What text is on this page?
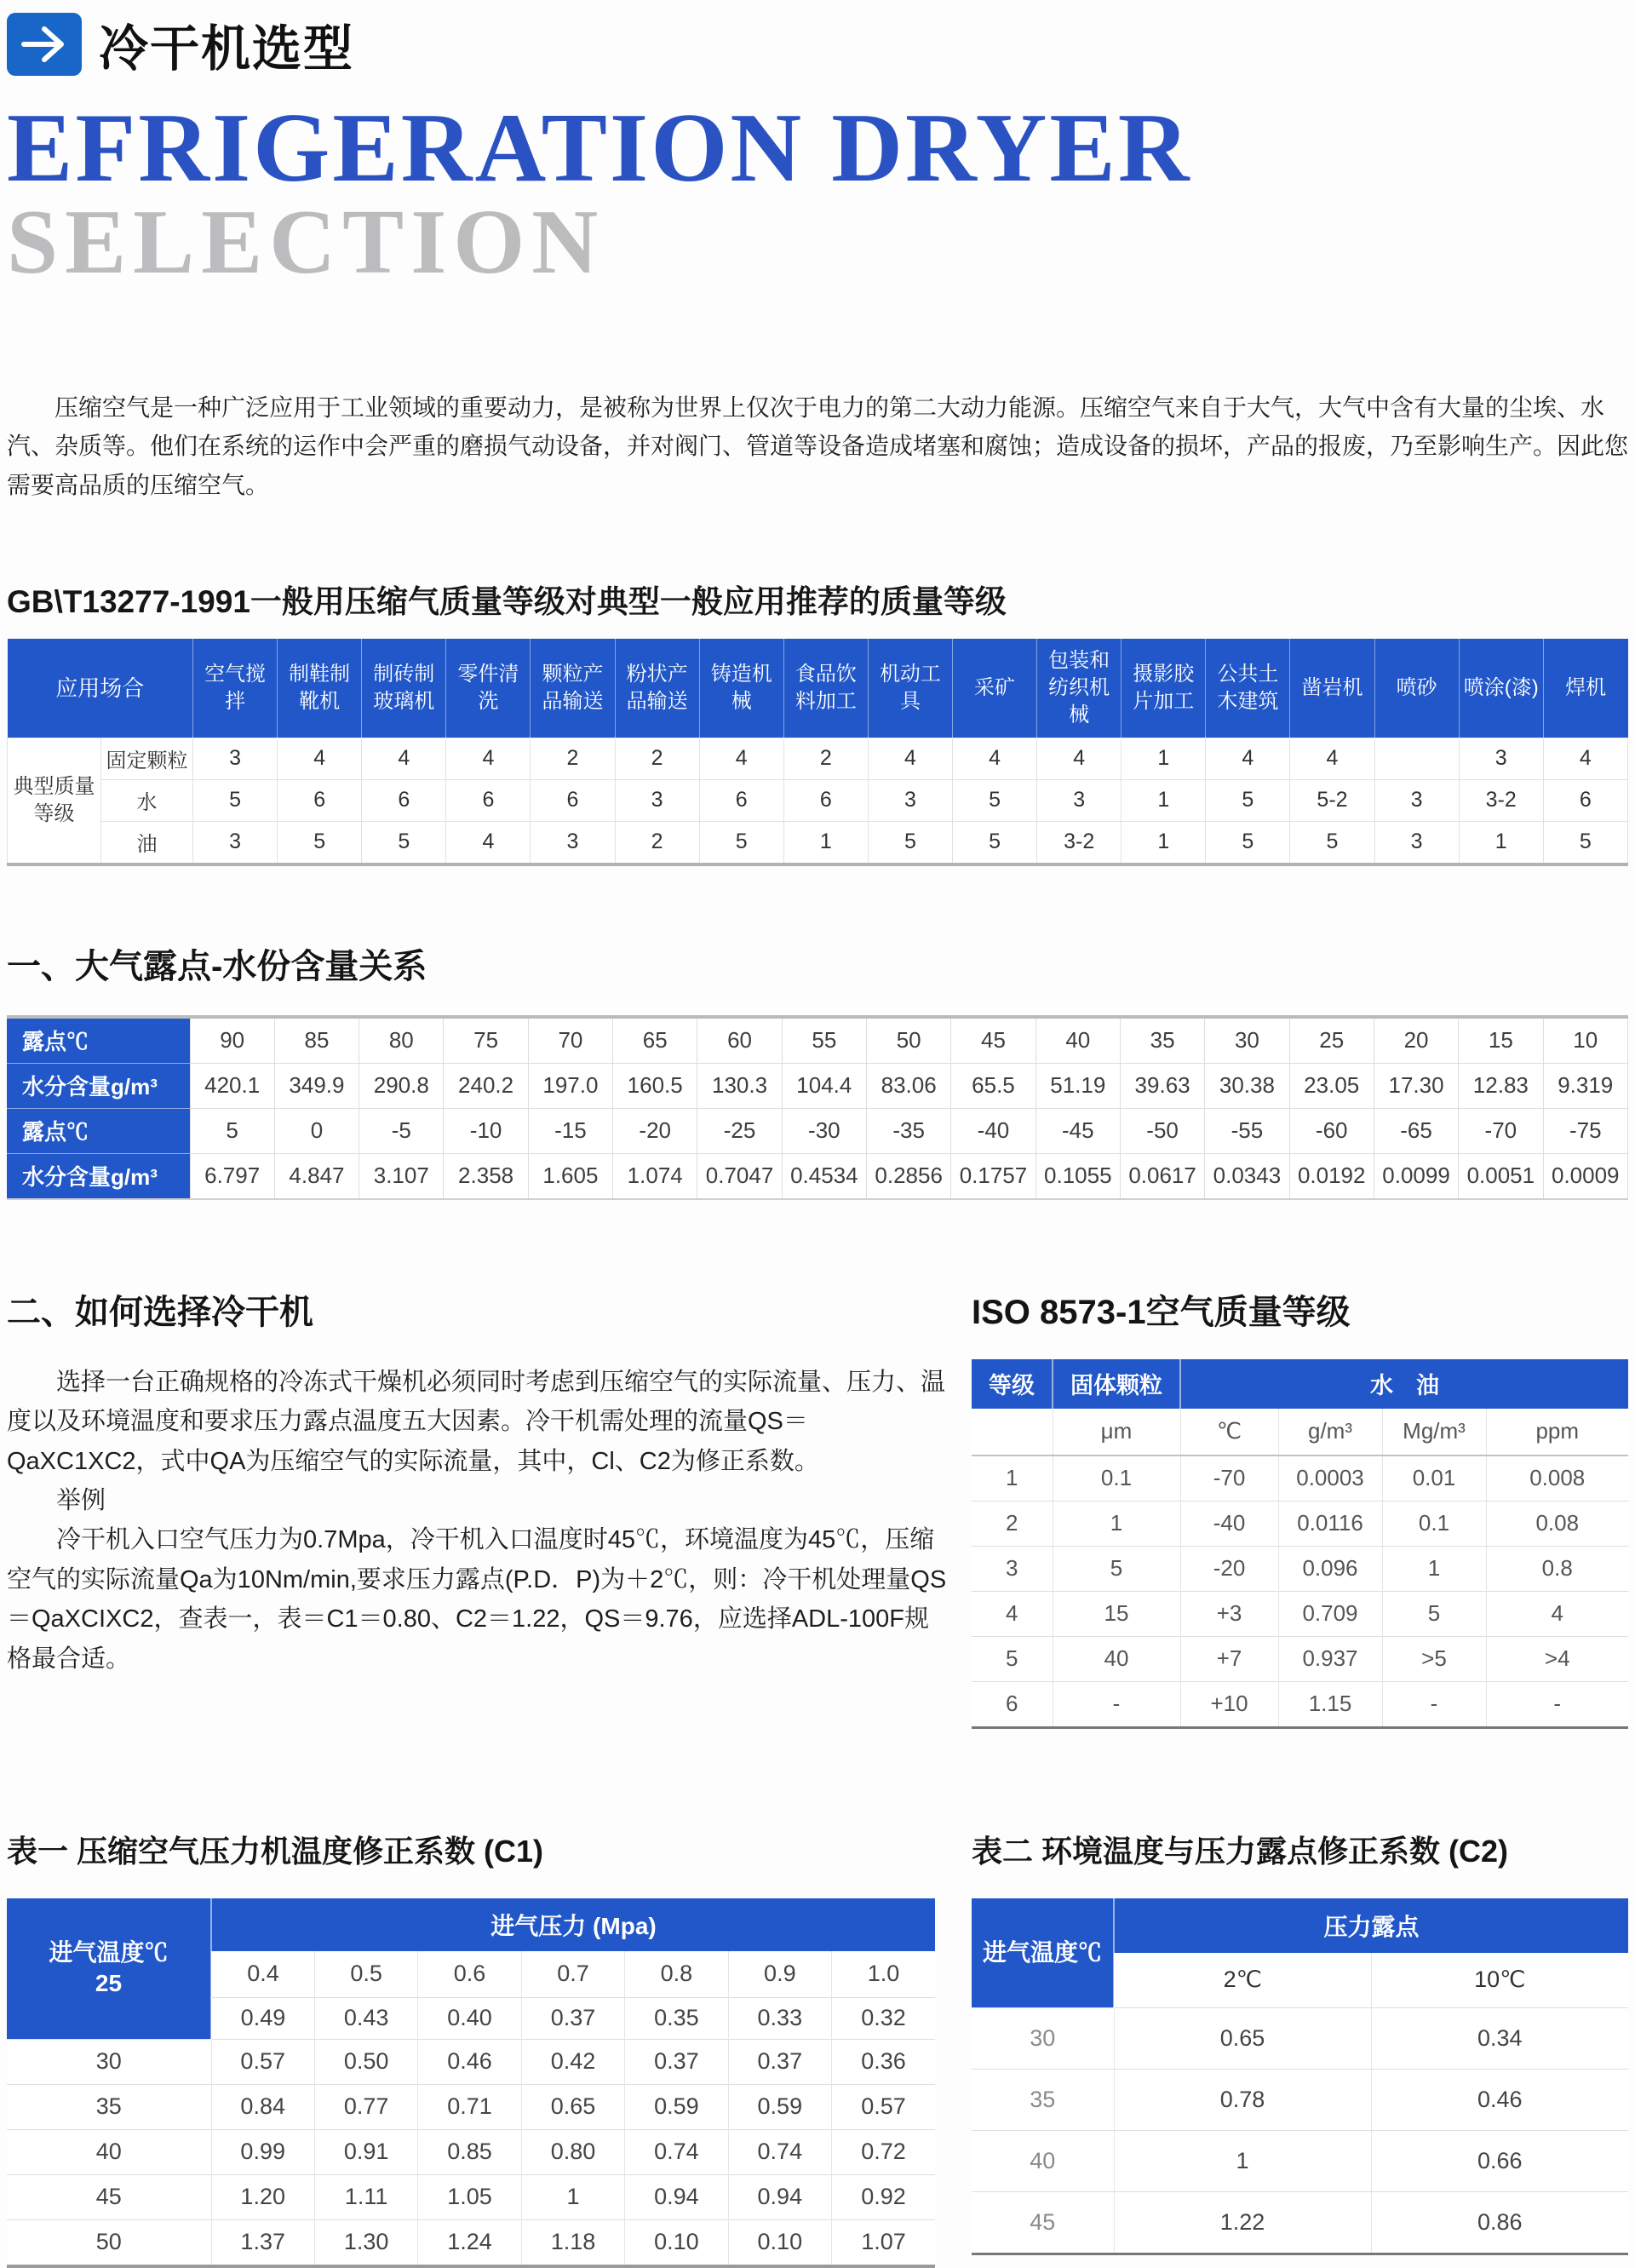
冷干机选型
EFRIGERATION DRYER
SELECTION

压缩空气是一种广泛应用于工业领域的重要动力，是被称为世界上仅次于电力的第二大动力能源。压缩空气来自于大气，大气中含有大量的尘埃、水汽、杂质等。他们在系统的运作中会严重的磨损气动设备，并对阀门、管道等设备造成堵塞和腐蚀；造成设备的损坏，产品的报废，乃至影响生产。因此您需要高品质的压缩空气。

GB\T13277-1991一般用压缩气质量等级对典型一般应用推荐的质量等级
应用场合		空气搅拌	制鞋制靴机	制砖制玻璃机	零件清洗	颗粒产品输送	粉状产品输送	铸造机械	食品饮料加工	机动工具	采矿	包装和纺织机械	摄影胶片加工	公共土木建筑	凿岩机	喷砂	喷涂(漆)	焊机
典型质量等级	固定颗粒	3	4	4	4	2	2	4	2	4	4	4	1	4	4		3	4
	水	5	6	6	6	6	3	6	6	3	5	3	1	5	5-2	3	3-2	6
	油	3	5	5	4	3	2	5	1	5	5	3-2	1	5	5	3	1	5
一、大气露点-水份含量关系
露点℃	90	85	80	75	70	65	60	55	50	45	40	35	30	25	20	15	10
水分含量g/m³	420.1	349.9	290.8	240.2	197.0	160.5	130.3	104.4	83.06	65.5	51.19	39.63	30.38	23.05	17.30	12.83	9.319
露点℃	5	0	-5	-10	-15	-20	-25	-30	-35	-40	-45	-50	-55	-60	-65	-70	-75
水分含量g/m³	6.797	4.847	3.107	2.358	1.605	1.074	0.7047	0.4534	0.2856	0.1757	0.1055	0.0617	0.0343	0.0192	0.0099	0.0051	0.0009
二、如何选择冷干机

选择一台正确规格的冷冻式干燥机必须同时考虑到压缩空气的实际流量、压力、温度以及环境温度和要求压力露点温度五大因素。冷干机需处理的流量QS＝QaXC1XC2，式中QA为压缩空气的实际流量，其中，Cl、C2为修正系数。

举例

冷干机入口空气压力为0.7Mpa，冷干机入口温度时45℃，环境温度为45℃，压缩空气的实际流量Qa为10Nm/min,要求压力露点(P.D．P)为＋2℃，则：冷干机处理量QS＝QaXCIXC2，查表一，表＝C1＝0.80、C2＝1.22，QS＝9.76，应选择ADL-100F规格最合适。

ISO 8573-1空气质量等级
等级	固体颗粒	水　油			
	μm	℃	g/m³	Mg/m³	ppm
1	0.1	-70	0.0003	0.01	0.008
2	1	-40	0.0116	0.1	0.08
3	5	-20	0.096	1	0.8
4	15	+3	0.709	5	4
5	40	+7	0.937	>5	>4
6	-	+10	1.15	-	-
表一 压缩空气压力机温度修正系数 (C1)
进气温度℃
25	进气压力 (Mpa)						
	0.4	0.5	0.6	0.7	0.8	0.9	1.0
	0.49	0.43	0.40	0.37	0.35	0.33	0.32
30	0.57	0.50	0.46	0.42	0.37	0.37	0.36
35	0.84	0.77	0.71	0.65	0.59	0.59	0.57
40	0.99	0.91	0.85	0.80	0.74	0.74	0.72
45	1.20	1.11	1.05	1	0.94	0.94	0.92
50	1.37	1.30	1.24	1.18	0.10	0.10	1.07
表二 环境温度与压力露点修正系数 (C2)
进气温度℃	压力露点	
	2℃	10℃
30	0.65	0.34
35	0.78	0.46
40	1	0.66
45	1.22	0.86
